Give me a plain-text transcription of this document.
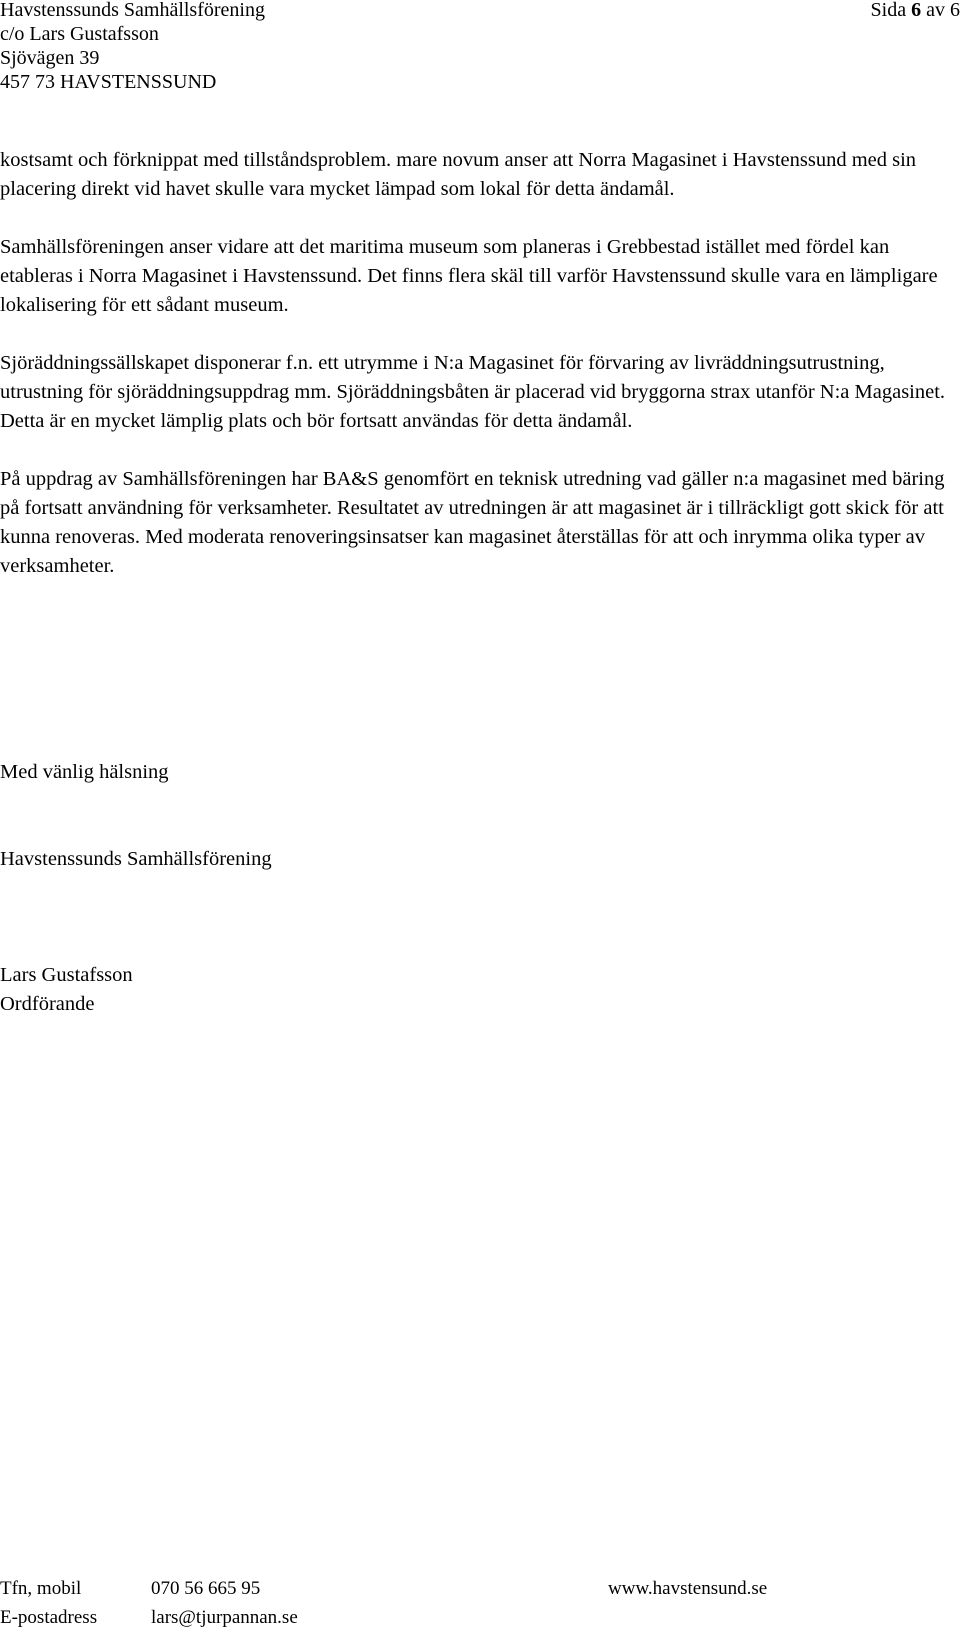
Havstenssunds Samhällsförening
c/o Lars Gustafsson
Sjövägen 39
457 73 HAVSTENSSUND
Sida 6 av 6

kostsamt och förknippat med tillståndsproblem. mare novum anser att Norra Magasinet i Havstenssund med sin placering direkt vid havet skulle vara mycket lämpad som lokal för detta ändamål.

Samhällsföreningen anser vidare att det maritima museum som planeras i Grebbestad istället med fördel kan etableras i Norra Magasinet i Havstenssund. Det finns flera skäl till varför Havstenssund skulle vara en lämpligare lokalisering för ett sådant museum.

Sjöräddningssällskapet disponerar f.n. ett utrymme i N:a Magasinet för förvaring av livräddningsutrustning, utrustning för sjöräddningsuppdrag mm. Sjöräddningsbåten är placerad vid bryggorna strax utanför N:a Magasinet. Detta är en mycket lämplig plats och bör fortsatt användas för detta ändamål.

På uppdrag av Samhällsföreningen har BA&S genomfört en teknisk utredning vad gäller n:a magasinet med bäring på fortsatt användning för verksamheter. Resultatet av utredningen är att magasinet är i tillräckligt gott skick för att kunna renoveras. Med moderata renoveringsinsatser kan magasinet återställas för att och inrymma olika typer av verksamheter.

Med vänlig hälsning
Havstenssunds Samhällsförening
Lars Gustafsson
Ordförande
Tfn, mobil	070 56 665 95	www.havstensund.se
E-postadress	lars@tjurpannan.se
